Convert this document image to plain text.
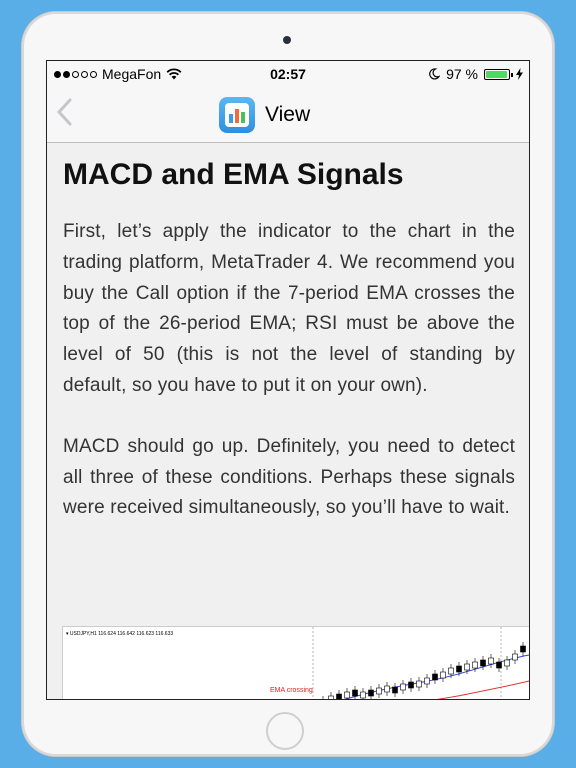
MegaFon	02:57	97 %
View
MACD and EMA Signals

First, let’s apply the indicator to the chart in the trading platform, MetaTrader 4. We recommend you buy the Call option if the 7-period EMA crosses the top of the 26-period EMA; RSI must be above the level of 50 (this is not the level of standing by default, so you have to put it on your own).

MACD should go up. Definitely, you need to detect all three of these conditions. Perhaps these signals were received simultaneously, so you’ll have to wait.

▾ USDJPY,H1 116.624 116.642 116.623 116.633
EMA crossing
